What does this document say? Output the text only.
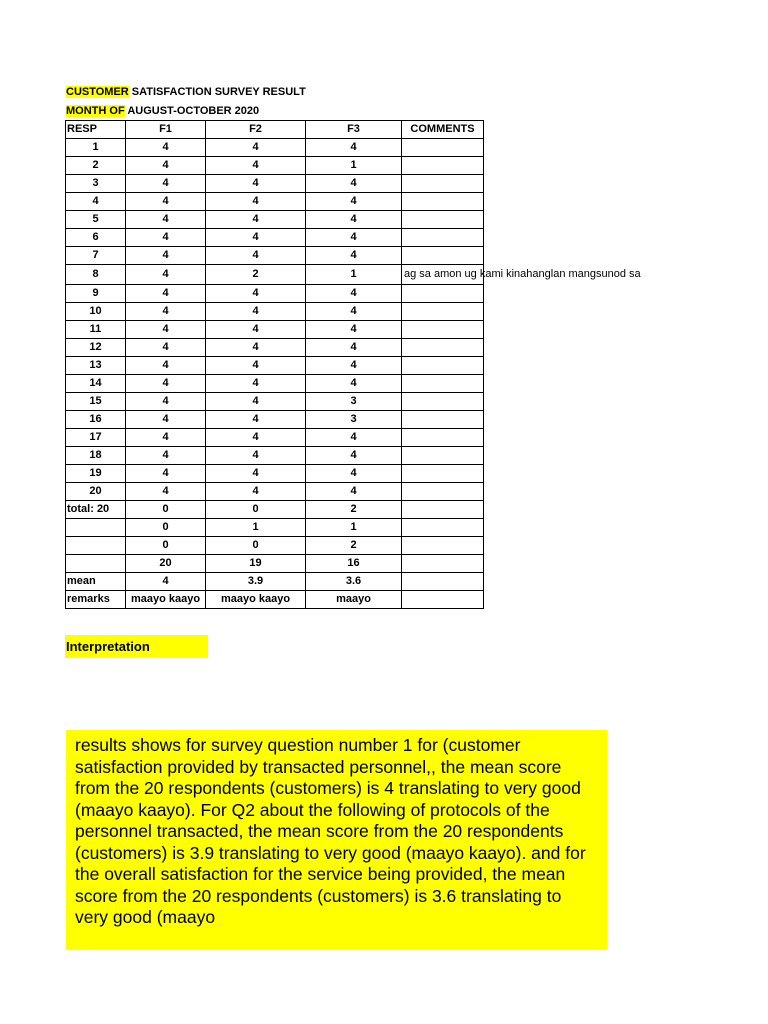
CUSTOMER SATISFACTION SURVEY RESULT
MONTH OF AUGUST-OCTOBER 2020
RESP	F1	F2	F3	COMMENTS
1	4	4	4	
2	4	4	1	
3	4	4	4	
4	4	4	4	
5	4	4	4	
6	4	4	4	
7	4	4	4	
8	4	2	1	ag sa amon ug kami kinahanglan mangsunod sa

9	4	4	4	
10	4	4	4	
11	4	4	4	
12	4	4	4	
13	4	4	4	
14	4	4	4	
15	4	4	3	
16	4	4	3	
17	4	4	4	
18	4	4	4	
19	4	4	4	
20	4	4	4	
total: 20	0	0	2	
	0	1	1	
	0	0	2	
	20	19	16	
mean	4	3.9	3.6	
remarks	maayo kaayo	maayo kaayo	maayo	
Interpretation
results shows for survey question number 1 for (customer satisfaction provided by transacted personnel,, the mean score from the 20 respondents (customers) is 4 translating to very good (maayo kaayo). For Q2 about the following of protocols of the personnel transacted, the mean score from the 20 respondents (customers) is 3.9 translating to very good (maayo kaayo). and for the overall satisfaction for the service being provided, the mean score from the 20 respondents (customers) is 3.6 translating to very good (maayo
